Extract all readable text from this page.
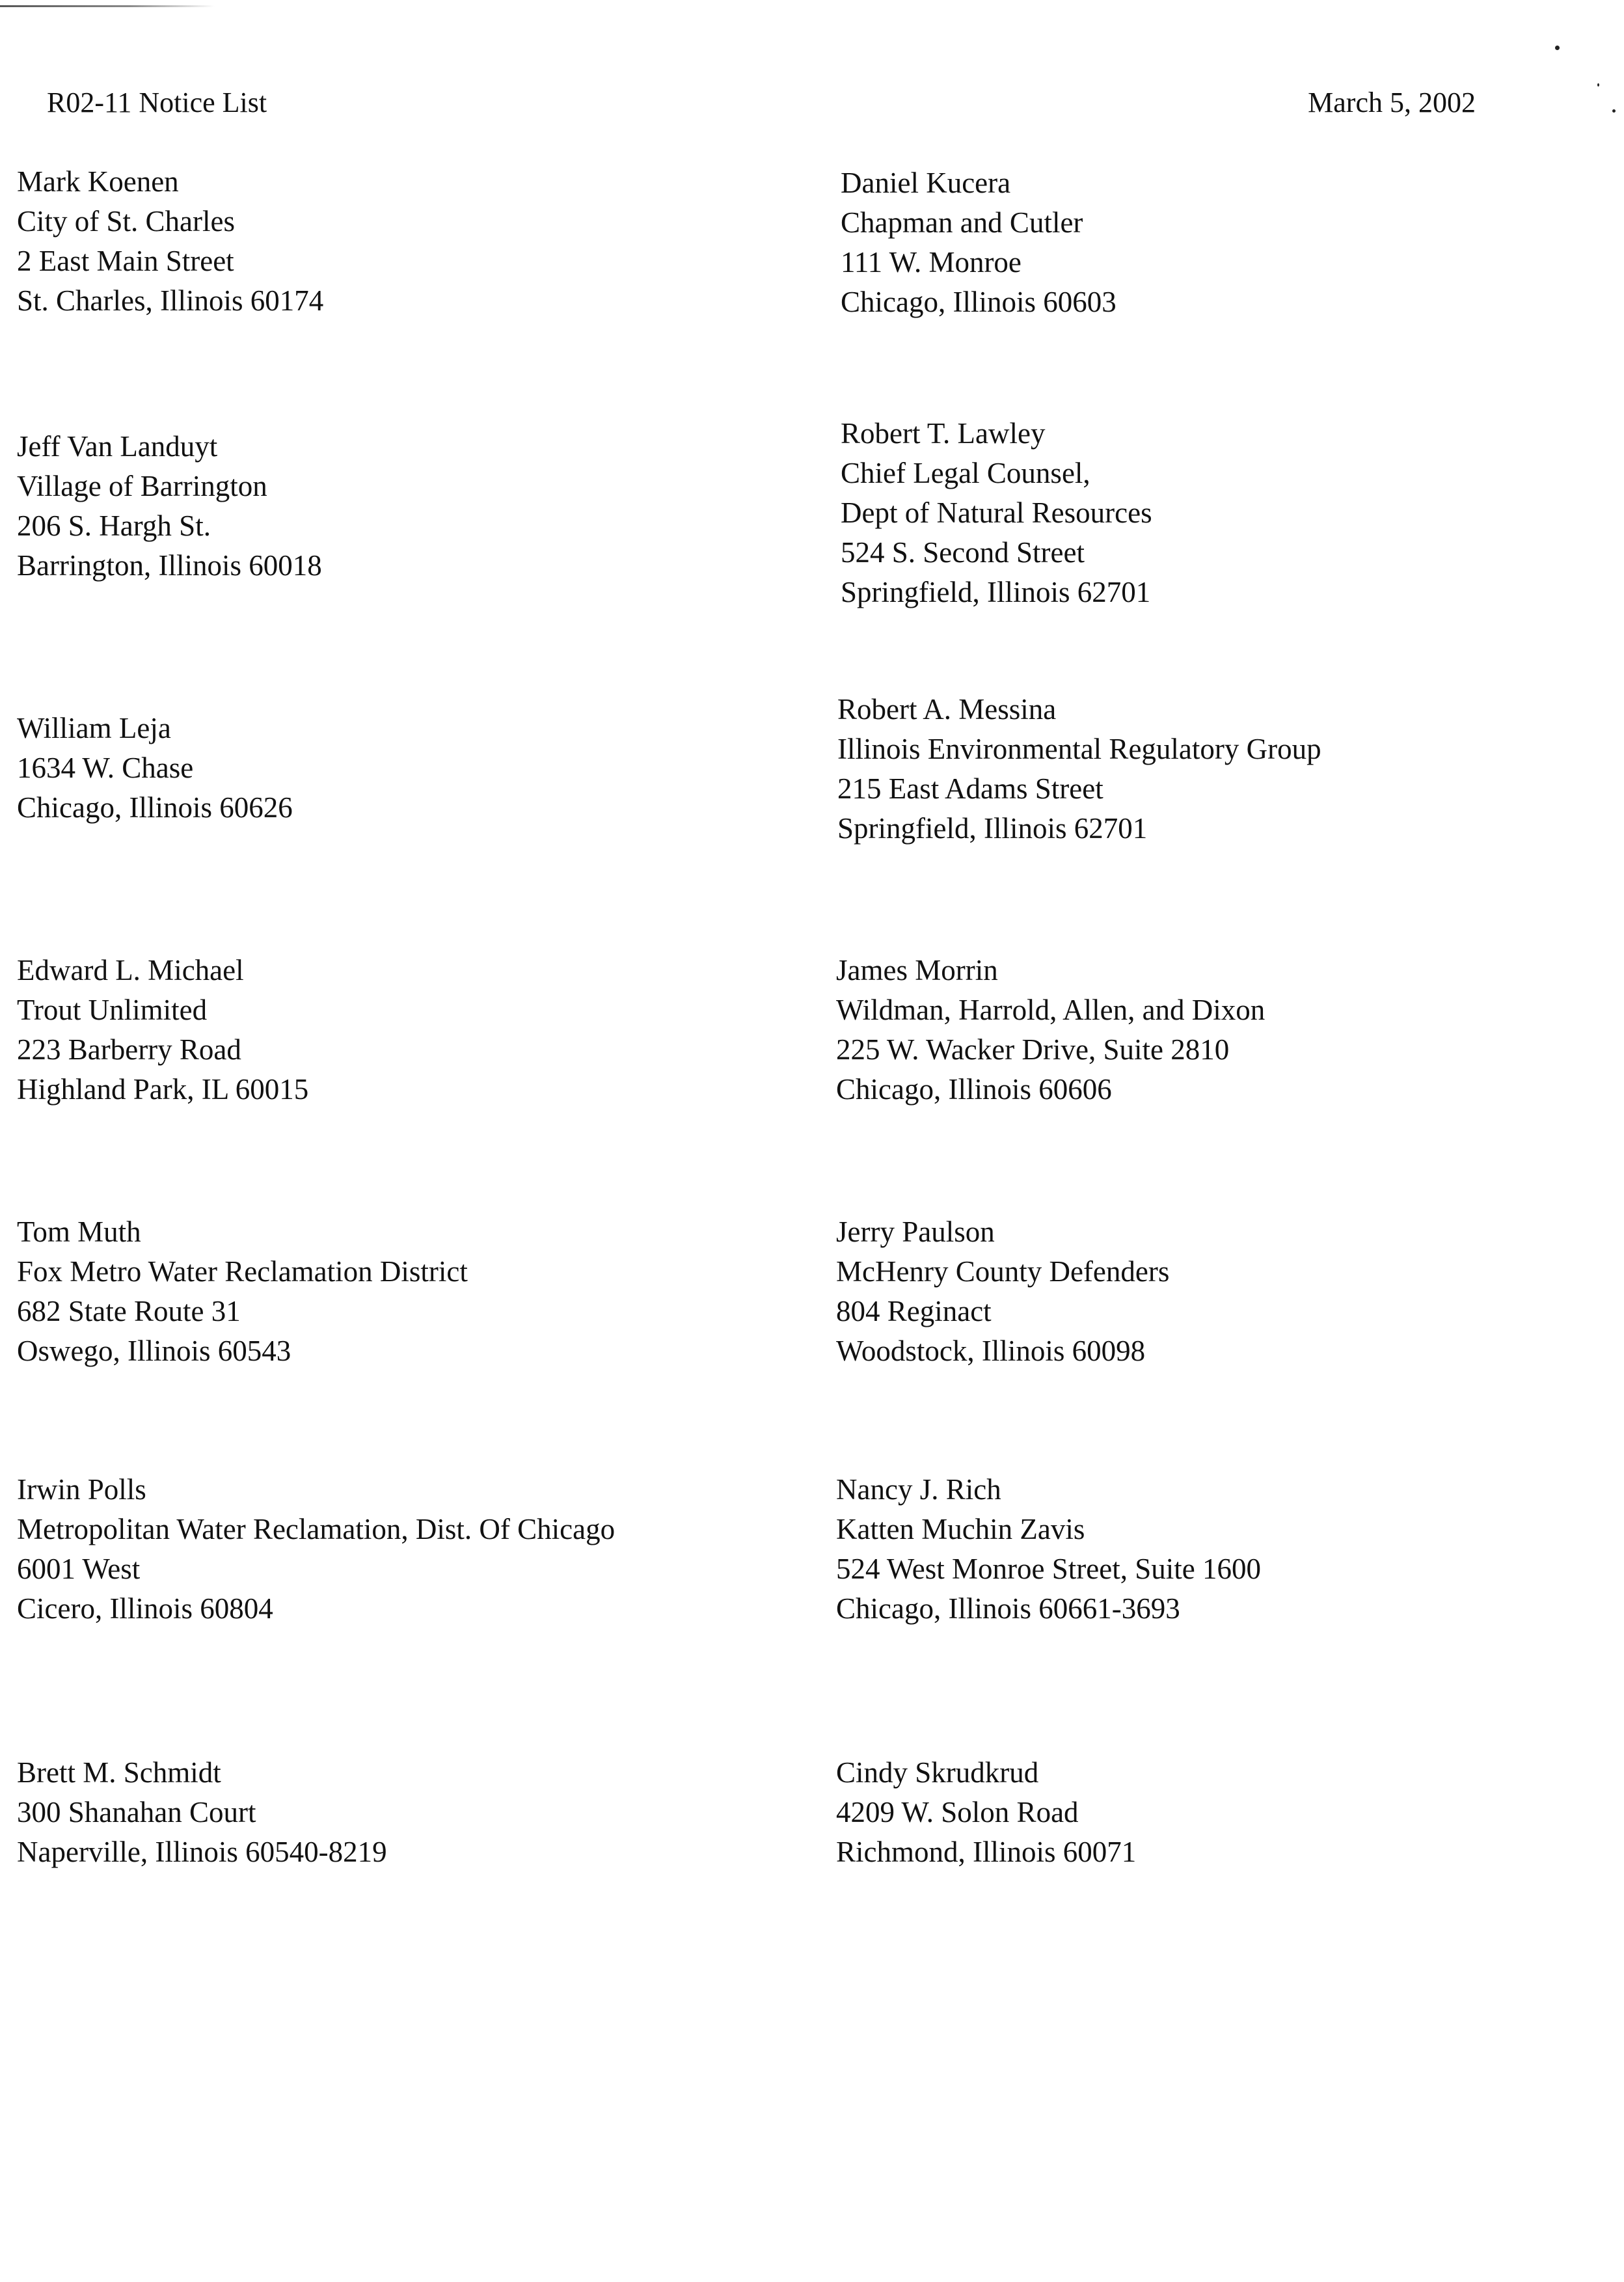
R02-11 Notice List	March 5, 2002
Mark Koenen
City of St. Charles
2 East Main Street
St. Charles, Illinois 60174
Daniel Kucera
Chapman and Cutler
111 W. Monroe
Chicago, Illinois 60603
Jeff Van Landuyt
Village of Barrington
206 S. Hargh St.
Barrington, Illinois 60018
Robert T. Lawley
Chief Legal Counsel,
Dept of Natural Resources
524 S. Second Street
Springfield, Illinois 62701
William Leja
1634 W. Chase
Chicago, Illinois 60626
Robert A. Messina
Illinois Environmental Regulatory Group
215 East Adams Street
Springfield, Illinois 62701
Edward L. Michael
Trout Unlimited
223 Barberry Road
Highland Park, IL 60015
James Morrin
Wildman, Harrold, Allen, and Dixon
225 W. Wacker Drive, Suite 2810
Chicago, Illinois 60606
Tom Muth
Fox Metro Water Reclamation District
682 State Route 31
Oswego, Illinois 60543
Jerry Paulson
McHenry County Defenders
804 Reginact
Woodstock, Illinois 60098
Irwin Polls
Metropolitan Water Reclamation, Dist. Of Chicago
6001 West
Cicero, Illinois 60804
Nancy J. Rich
Katten Muchin Zavis
524 West Monroe Street, Suite 1600
Chicago, Illinois 60661-3693
Brett M. Schmidt
300 Shanahan Court
Naperville, Illinois 60540-8219
Cindy Skrudkrud
4209 W. Solon Road
Richmond, Illinois 60071
